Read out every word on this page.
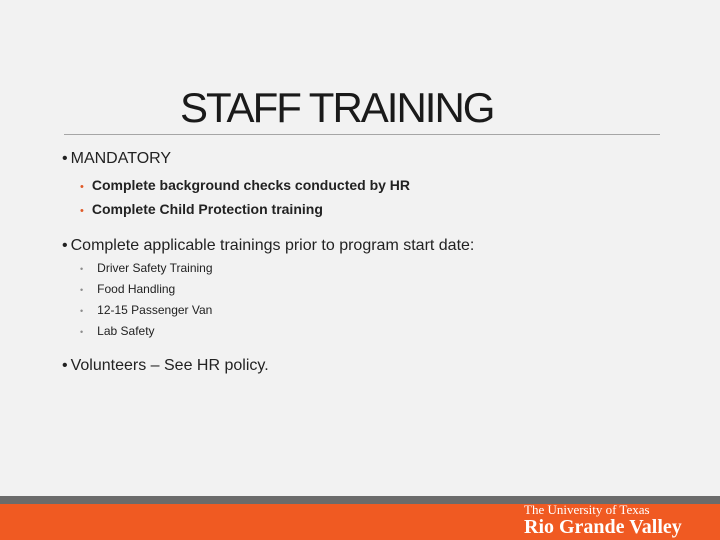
STAFF TRAINING
• MANDATORY
• Complete background checks conducted by HR
• Complete Child Protection training
• Complete applicable trainings prior to program start date:
• Driver Safety Training
• Food Handling
• 12-15 Passenger Van
• Lab Safety
• Volunteers – See HR policy.
The University of Texas
Rio Grande Valley
